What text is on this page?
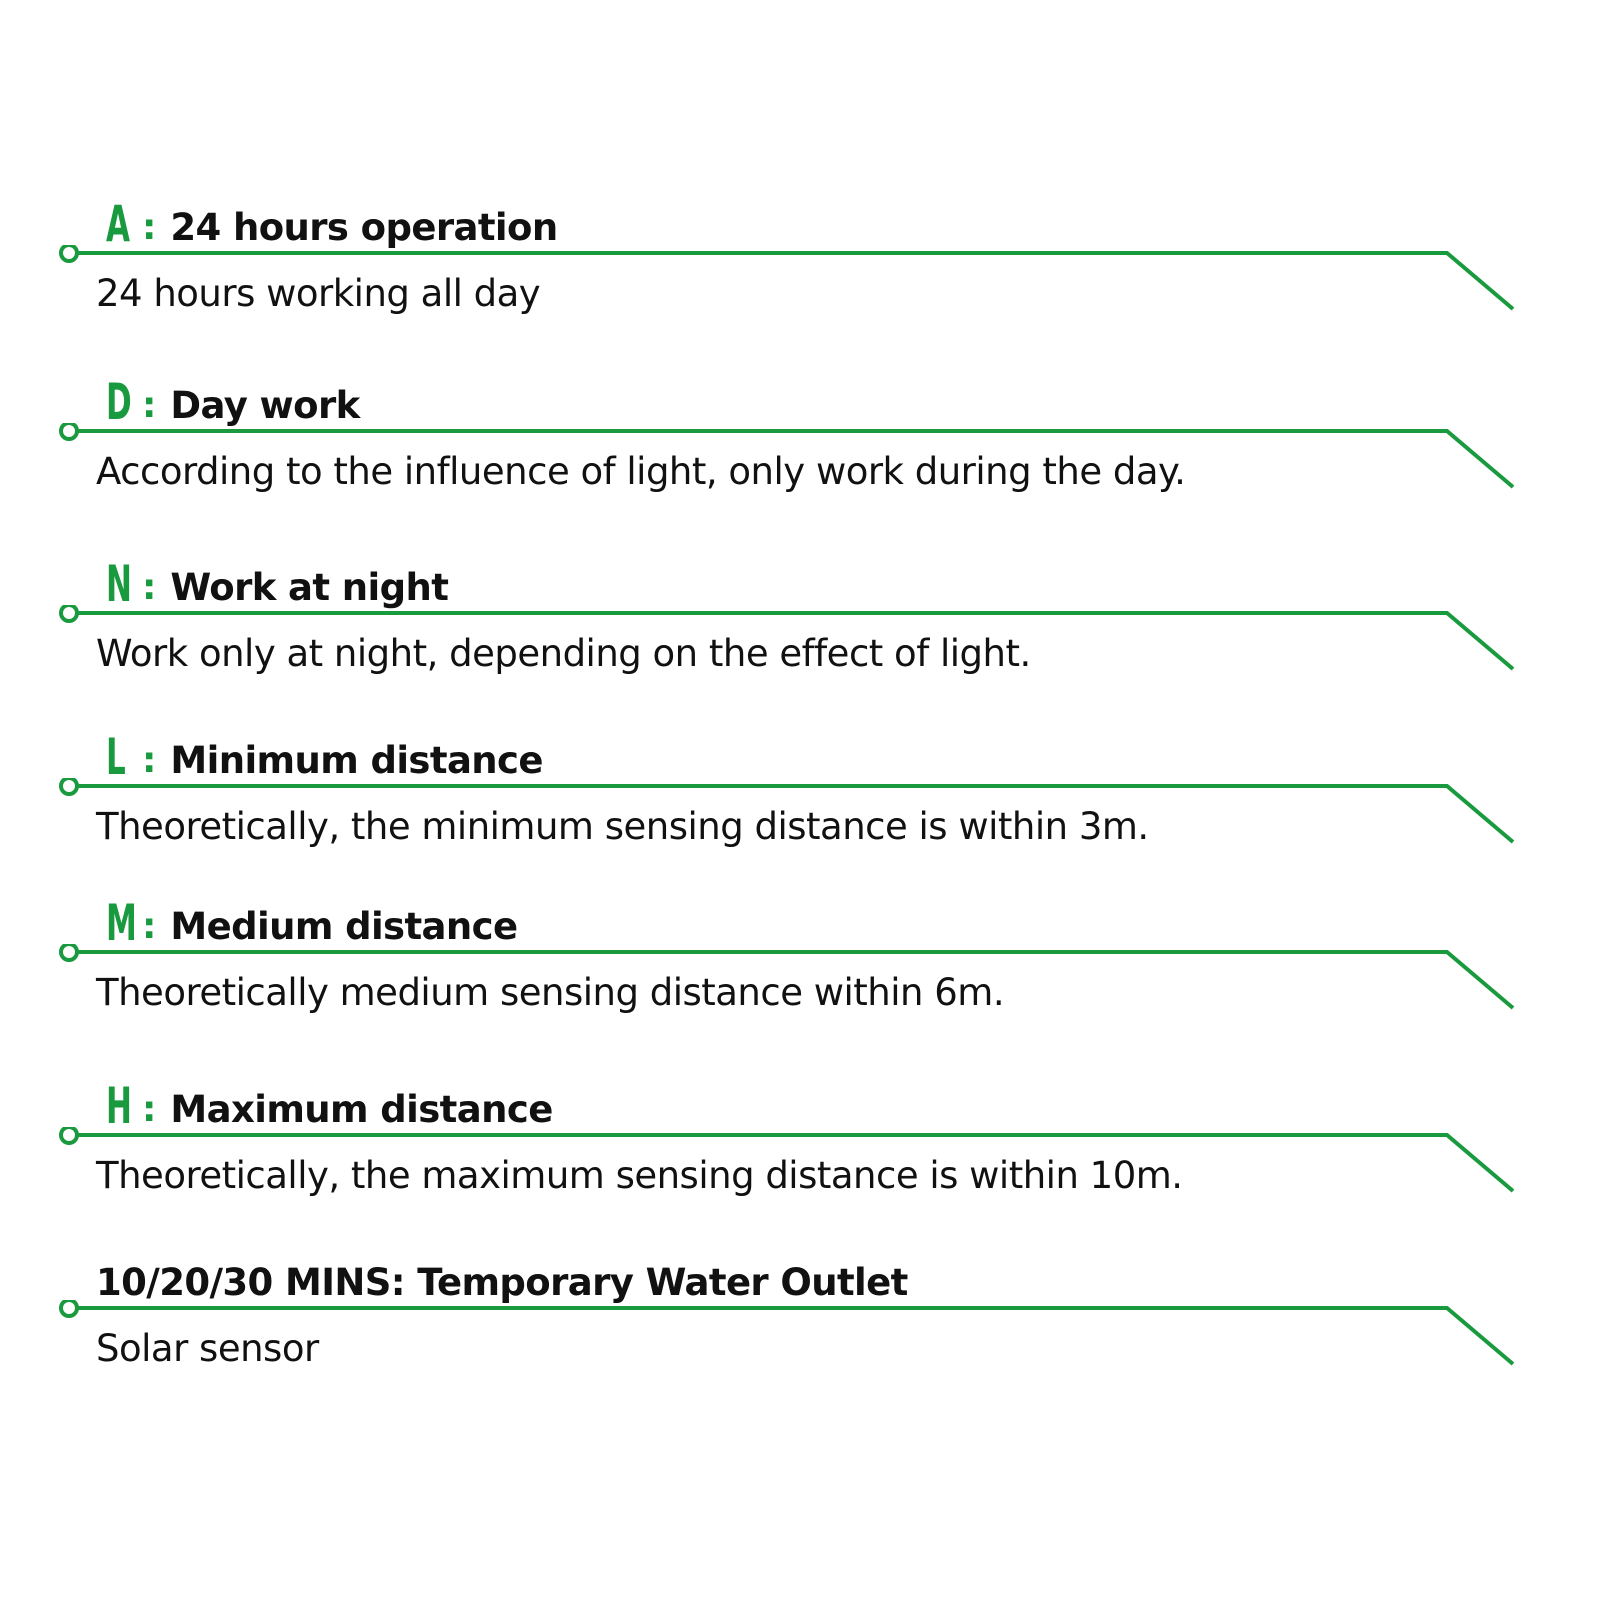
A : 24 hours operation
24 hours working all day
D : Day work
According to the influence of light, only work during the day.
N : Work at night
Work only at night, depending on the effect of light.
L : Minimum distance
Theoretically, the minimum sensing distance is within 3m.
M : Medium distance
Theoretically medium sensing distance within 6m.
H : Maximum distance
Theoretically, the maximum sensing distance is within 10m.
10/20/30 MINS: Temporary Water Outlet
Solar sensor
